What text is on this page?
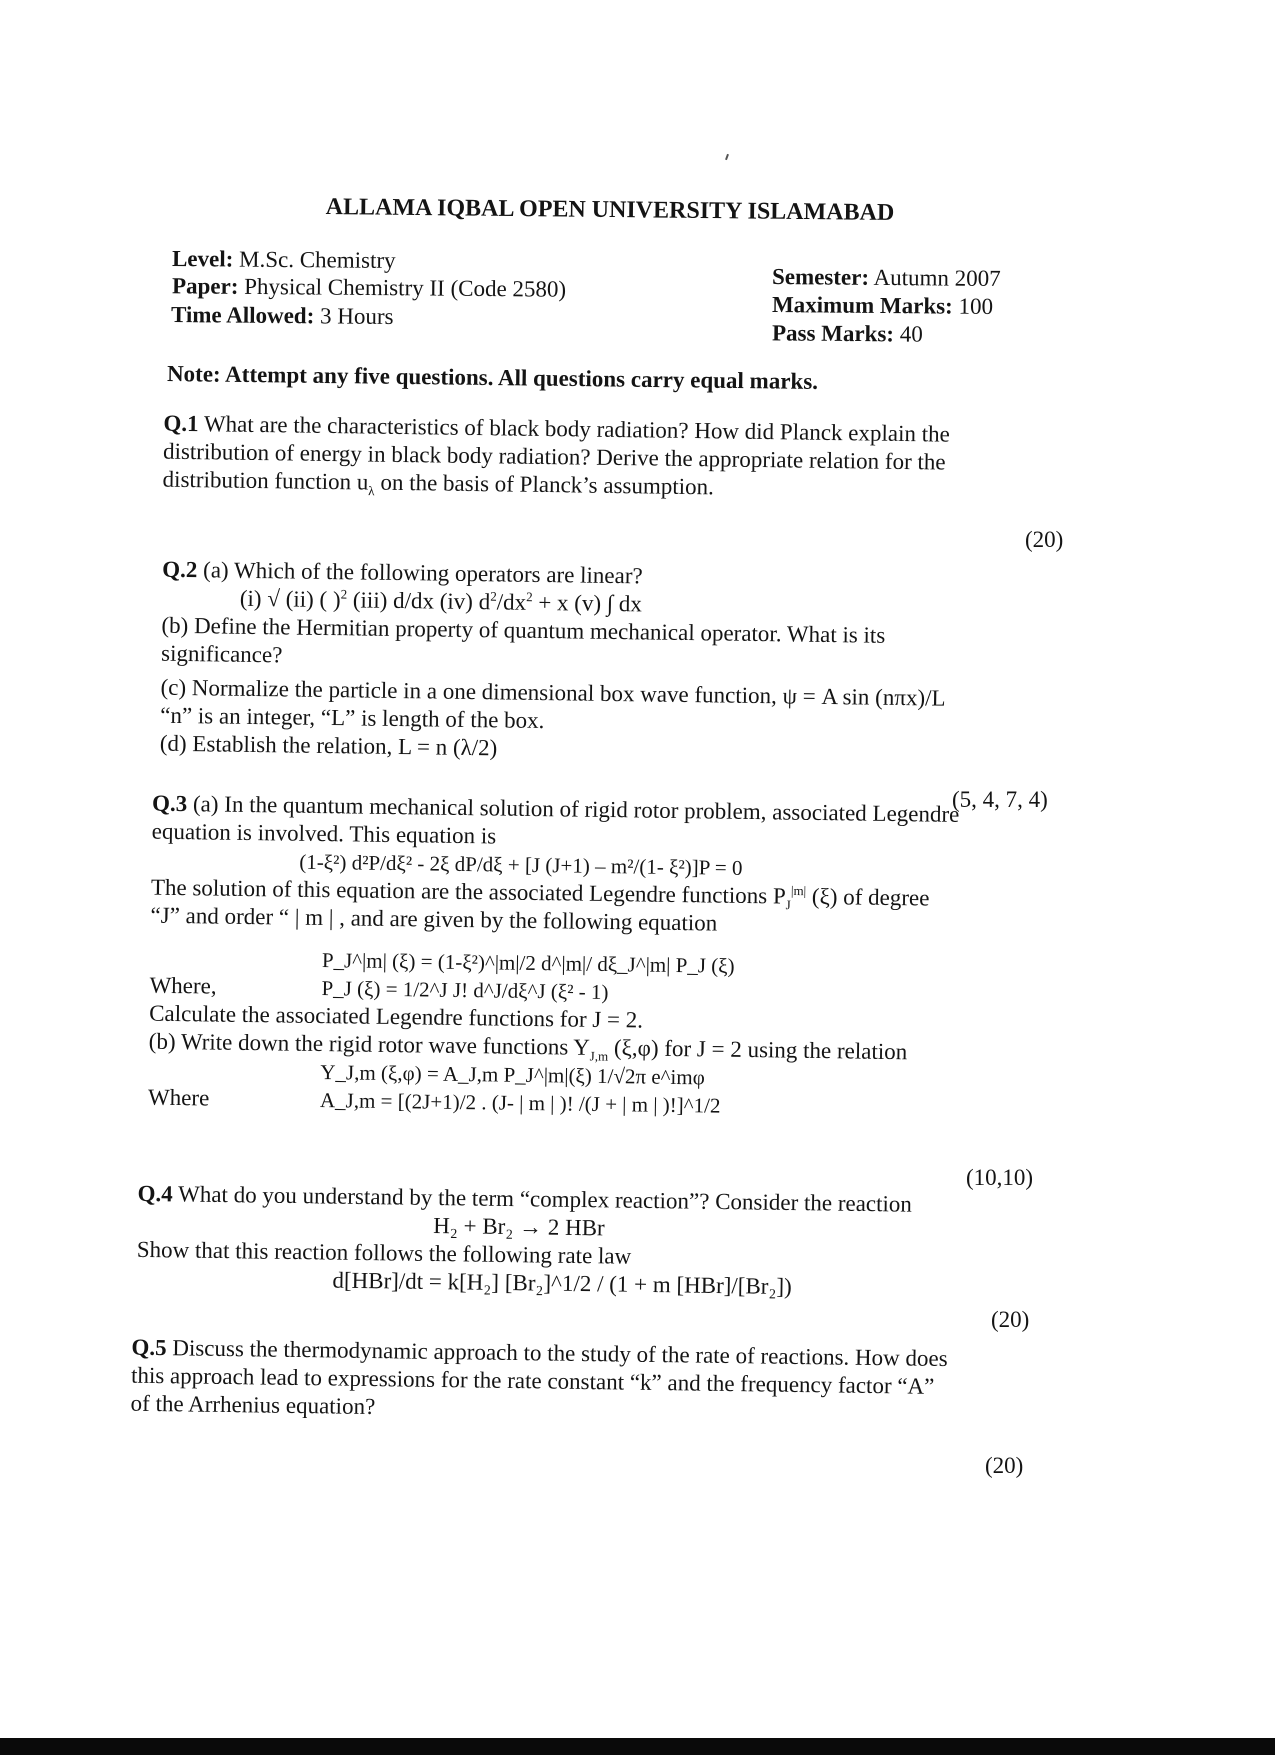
ALLAMA IQBAL OPEN UNIVERSITY ISLAMABAD
Level: M.Sc. Chemistry
Paper: Physical Chemistry II (Code 2580)
Time Allowed: 3 Hours
Semester: Autumn 2007
Maximum Marks: 100
Pass Marks: 40
Note: Attempt any five questions. All questions carry equal marks.
Q.1 What are the characteristics of black body radiation? How did Planck explain the
distribution of energy in black body radiation? Derive the appropriate relation for the
distribution function $u_\lambda$ on the basis of Planck’s assumption.
(20)
Q.2 (a) Which of the following operators are linear?
(i) √ (ii) ( )$^2$ (iii) d/dx (iv) $d^2/dx^2 + x$ (v) ∫ dx
(b) Define the Hermitian property of quantum mechanical operator. What is its
significance?
(c) Normalize the particle in a one dimensional box wave function, ψ = A sin (nπx)/L
“n” is an integer, “L” is length of the box.
(d) Establish the relation, L = n (λ/2)
(5, 4, 7, 4)
Q.3 (a) In the quantum mechanical solution of rigid rotor problem, associated Legendre
equation is involved. This equation is
(1-ξ²) d²P/dξ² - 2ξ dP/dξ + [J (J+1) – m²/(1- ξ²)]P = 0
The solution of this equation are the associated Legendre functions $P_J^{|m|}$ (ξ) of degree
“J” and order “ | m | , and are given by the following equation
P_J^|m| (ξ) = (1-ξ²)^|m|/2 d^|m|/ dξ_J^|m| P_J (ξ)
Where,	P_J (ξ) = 1/2^J J! d^J/dξ^J (ξ² - 1)
Calculate the associated Legendre functions for J = 2.
(b) Write down the rigid rotor wave functions $Y_{J,m}$ (ξ,φ) for J = 2 using the relation
Y_J,m (ξ,φ) = A_J,m P_J^|m|(ξ) 1/√2π e^imφ
Where	A_J,m = [(2J+1)/2 . (J- | m | )! /(J + | m | )!]^1/2
(10,10)
Q.4 What do you understand by the term “complex reaction”? Consider the reaction
H₂ + Br₂ → 2 HBr
Show that this reaction follows the following rate law
d[HBr]/dt = k[H₂] [Br₂]^1/2 / (1 + m [HBr]/[Br₂])
(20)
Q.5 Discuss the thermodynamic approach to the study of the rate of reactions. How does
this approach lead to expressions for the rate constant “k” and the frequency factor “A”
of the Arrhenius equation?
(20)
